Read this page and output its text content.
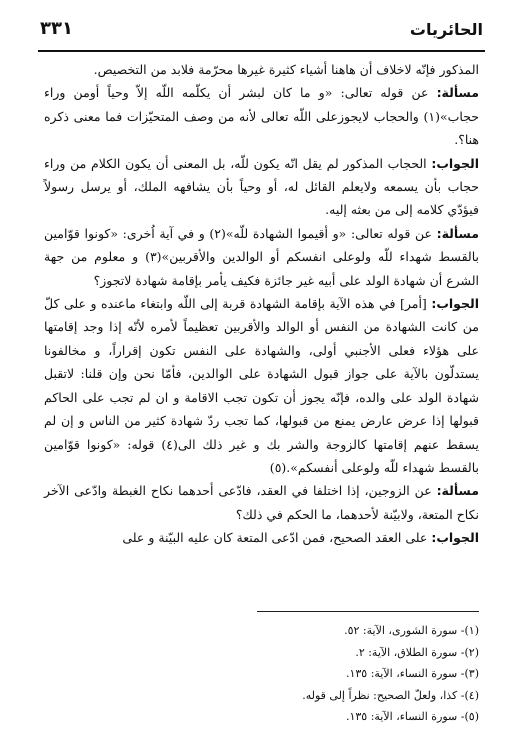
الحائريات
٣٣١

المذكور فإنّه لاخلاف أن هاهنا أشياء كثيرة غيرها محرّمة فلابد من التخصيص.

مسألة: عن قوله تعالى: «و ما كان لبشر أن يكلّمه اللّه إلاّ وحياً أومن وراء حجاب»(١) والحجاب لايجوزعلى اللّه تعالى لأنه من وصف المتحيّزات فما معنى ذكره هنا؟.

الجواب: الحجاب المذكور لم يقل انّه يكون للّه، بل المعنى أن يكون الكلام من وراء حجاب بأن يسمعه ولايعلم القائل له، أو وحياً بأن يشافهه الملك، أو يرسل رسولاً فيؤدّي كلامه إلى من بعثه إليه.

مسألة: عن قوله تعالى: «و أقيموا الشهادة للّه»(٢) و في آية اُخرى: «كونوا قوّامين بالقسط شهداء للّه ولوعلى انفسكم أو الوالدين والأقربين»(٣) و معلوم من جهة الشرع أن شهادة الولد على أبيه غير جائزة فكيف يأمر بإقامة شهادة لاتجوز؟

الجواب: [أمر] في هذه الآية بإقامة الشهادة قربة إلى اللّه وابتغاء ماعنده و على كلّ من كانت الشهادة من النفس أو الوالد والأقربين تعظيماً لأمره لأنّه إذا وجد إقامتها على هؤلاء فعلى الأجنبي أولى، والشهادة على النفس تكون إقراراً، و مخالفونا يستدلّون بالآية على جواز قبول الشهادة على الوالدين، فأمّا نحن وإن قلنا: لاتقبل شهادة الولد على والده، فإنّه يجوز أن تكون تجب الاقامة و ان لم تجب على الحاكم قبولها إذا عرض عارض يمنع من قبولها، كما تجب ردّ شهادة كثير من الناس و إن لم يسقط عنهم إقامتها كالزوجة والشر بك و غير ذلك الى(٤) قوله: «كونوا قوّامين بالقسط شهداء للّه ولوعلى أنفسكم».(٥)

مسألة: عن الزوجين، إذا اختلفا في العقد، فادّعى أحدهما نكاح الغبطة وادّعى الآخر نكاح المتعة، ولابيّنة لأحدهما، ما الحكم في ذلك؟

الجواب: على العقد الصحيح، فمن ادّعى المتعة كان عليه البيّنة و على

(١)- سورة الشورى، الآية: ٥٢.
(٢)- سورة الطلاق، الآية: ٢.
(٣)- سورة النساء، الآية: ١٣٥.
(٤)- كذا، ولعلّ الصحيح: نظراً إلى قوله.
(٥)- سورة النساء، الآية: ١٣٥.
